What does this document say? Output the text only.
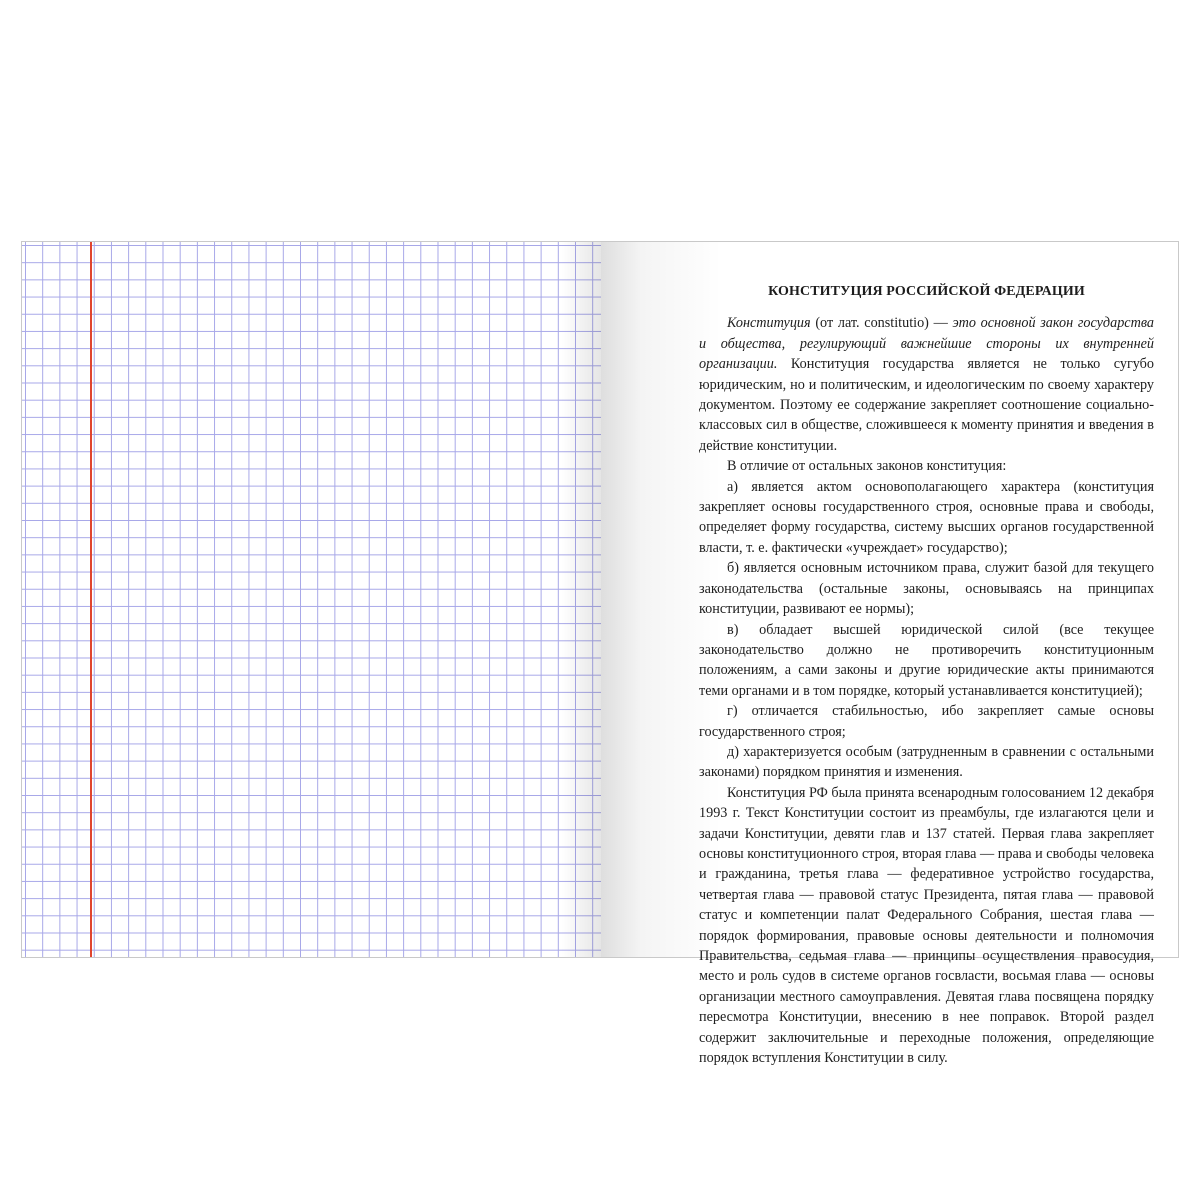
КОНСТИТУЦИЯ РОССИЙСКОЙ ФЕДЕРАЦИИ

Конституция (от лат. constitutio) — это основной закон государства и общества, регулирующий важнейшие стороны их внутренней организации. Конституция государства является не только сугубо юридическим, но и политическим, и идеологическим по своему характеру документом. Поэтому ее содержание закрепляет соотношение социально-классовых сил в обществе, сложившееся к моменту принятия и введения в действие конституции.

В отличие от остальных законов конституция:

а) является актом основополагающего характера (конституция закрепляет основы государственного строя, основные права и свободы, определяет форму государства, систему высших органов государственной власти, т. е. фактически «учреждает» государство);

б) является основным источником права, служит базой для текущего законодательства (остальные законы, основываясь на принципах конституции, развивают ее нормы);

в) обладает высшей юридической силой (все текущее законодательство должно не противоречить конституционным положениям, а сами законы и другие юридические акты принимаются теми органами и в том порядке, который устанавливается конституцией);

г) отличается стабильностью, ибо закрепляет самые основы государственного строя;

д) характеризуется особым (затрудненным в сравнении с остальными законами) порядком принятия и изменения.

Конституция РФ была принята всенародным голосованием 12 декабря 1993 г. Текст Конституции состоит из преамбулы, где излагаются цели и задачи Конституции, девяти глав и 137 статей. Первая глава закрепляет основы конституционного строя, вторая глава — права и свободы человека и гражданина, третья глава — федеративное устройство государства, четвертая глава — правовой статус Президента, пятая глава — правовой статус и компетенции палат Федерального Собрания, шестая глава — порядок формирования, правовые основы деятельности и полномочия Правительства, седьмая глава — принципы осуществления правосудия, место и роль судов в системе органов госвласти, восьмая глава — основы организации местного самоуправления. Девятая глава посвящена порядку пересмотра Конституции, внесению в нее поправок. Второй раздел содержит заключительные и переходные положения, определяющие порядок вступления Конституции в силу.
